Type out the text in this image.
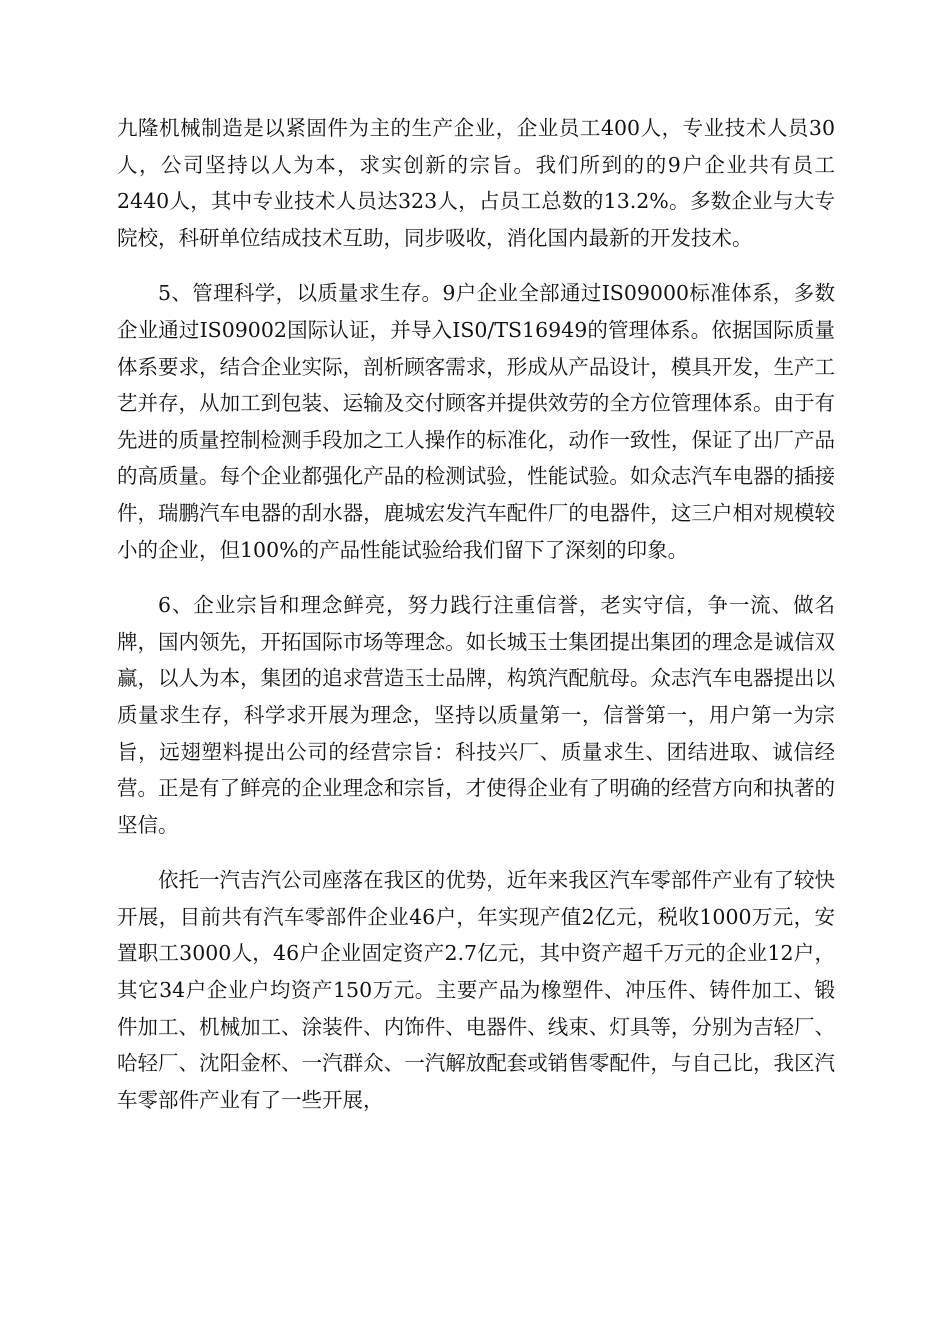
九隆机械制造是以紧固件为主的生产企业，企业员工400人，专业技术人员30人，公司坚持以人为本，求实创新的宗旨。我们所到的的9户企业共有员工2440人，其中专业技术人员达323人，占员工总数的13.2%。多数企业与大专院校，科研单位结成技术互助，同步吸收，消化国内最新的开发技术。

5、管理科学，以质量求生存。9户企业全部通过IS09000标准体系，多数企业通过IS09002国际认证，并导入IS0/TS16949的管理体系。依据国际质量体系要求，结合企业实际，剖析顾客需求，形成从产品设计，模具开发，生产工艺并存，从加工到包装、运输及交付顾客并提供效劳的全方位管理体系。由于有先进的质量控制检测手段加之工人操作的标准化，动作一致性，保证了出厂产品的高质量。每个企业都强化产品的检测试验，性能试验。如众志汽车电器的插接件，瑞鹏汽车电器的刮水器，鹿城宏发汽车配件厂的电器件，这三户相对规模较小的企业，但100%的产品性能试验给我们留下了深刻的印象。

6、企业宗旨和理念鲜亮，努力践行注重信誉，老实守信，争一流、做名牌，国内领先，开拓国际市场等理念。如长城玉士集团提出集团的理念是诚信双赢，以人为本，集团的追求营造玉士品牌，构筑汽配航母。众志汽车电器提出以质量求生存，科学求开展为理念，坚持以质量第一，信誉第一，用户第一为宗旨，远翅塑料提出公司的经营宗旨：科技兴厂、质量求生、团结进取、诚信经营。正是有了鲜亮的企业理念和宗旨，才使得企业有了明确的经营方向和执著的坚信。

依托一汽吉汽公司座落在我区的优势，近年来我区汽车零部件产业有了较快开展，目前共有汽车零部件企业46户，年实现产值2亿元，税收1000万元，安置职工3000人，46户企业固定资产2.7亿元，其中资产超千万元的企业12户，其它34户企业户均资产150万元。主要产品为橡塑件、冲压件、铸件加工、锻件加工、机械加工、涂装件、内饰件、电器件、线束、灯具等，分别为吉轻厂、哈轻厂、沈阳金杯、一汽群众、一汽解放配套或销售零配件，与自己比，我区汽车零部件产业有了一些开展，
